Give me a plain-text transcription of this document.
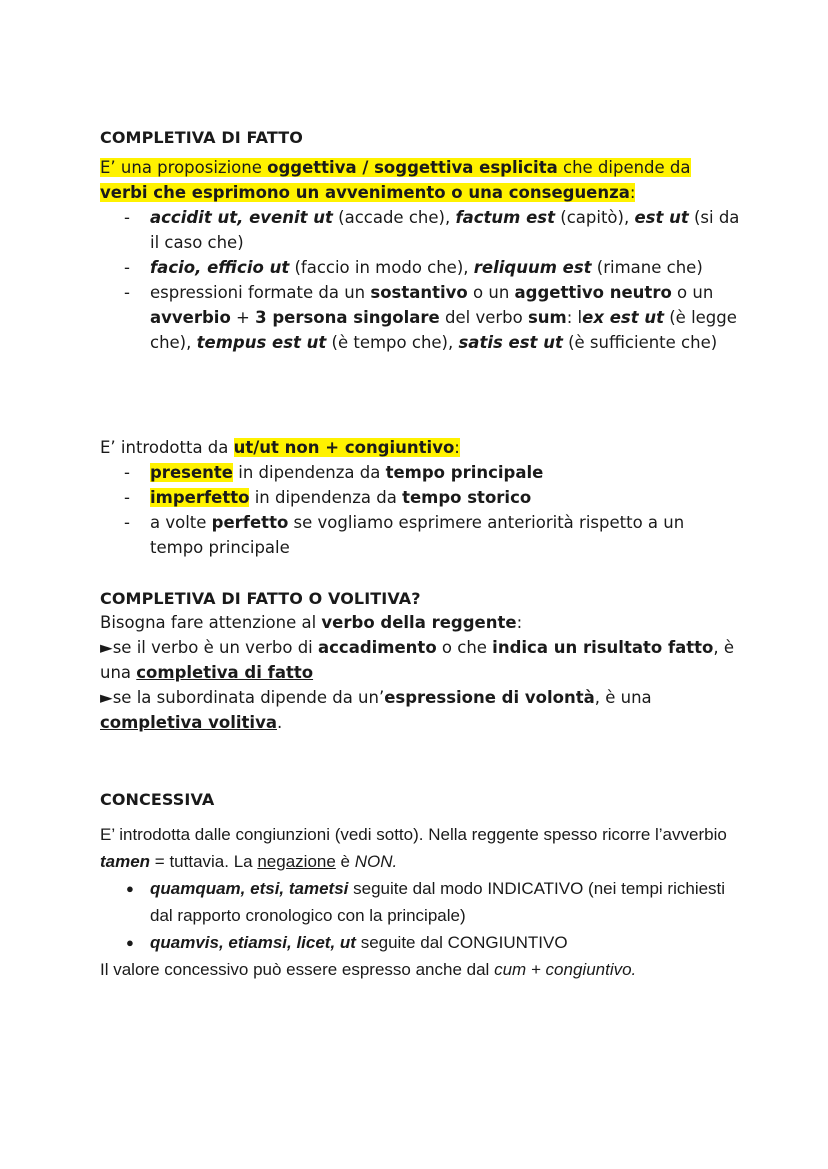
COMPLETIVA DI FATTO

E’ una proposizione oggettiva / soggettiva esplicita che dipende da verbi che esprimono un avvenimento o una conseguenza:

- accidit ut, evenit ut (accade che), factum est (capitò), est ut (si da il caso che)
- facio, efficio ut (faccio in modo che), reliquum est (rimane che)
- espressioni formate da un sostantivo o un aggettivo neutro o un avverbio + 3 persona singolare del verbo sum: lex est ut (è legge che), tempus est ut (è tempo che), satis est ut (è sufficiente che)

E’ introdotta da ut/ut non + congiuntivo:

- presente in dipendenza da tempo principale
- imperfetto in dipendenza da tempo storico
- a volte perfetto se vogliamo esprimere anteriorità rispetto a un tempo principale
COMPLETIVA DI FATTO O VOLITIVA?

Bisogna fare attenzione al verbo della reggente:

►se il verbo è un verbo di accadimento o che indica un risultato fatto, è una completiva di fatto

►se la subordinata dipende da un’espressione di volontà, è una completiva volitiva.

CONCESSIVA

E’ introdotta dalle congiunzioni (vedi sotto). Nella reggente spesso ricorre l’avverbio tamen = tuttavia. La negazione è NON.

● quamquam, etsi, tametsi seguite dal modo INDICATIVO (nei tempi richiesti dal rapporto cronologico con la principale)
● quamvis, etiamsi, licet, ut seguite dal CONGIUNTIVO

Il valore concessivo può essere espresso anche dal cum + congiuntivo.
